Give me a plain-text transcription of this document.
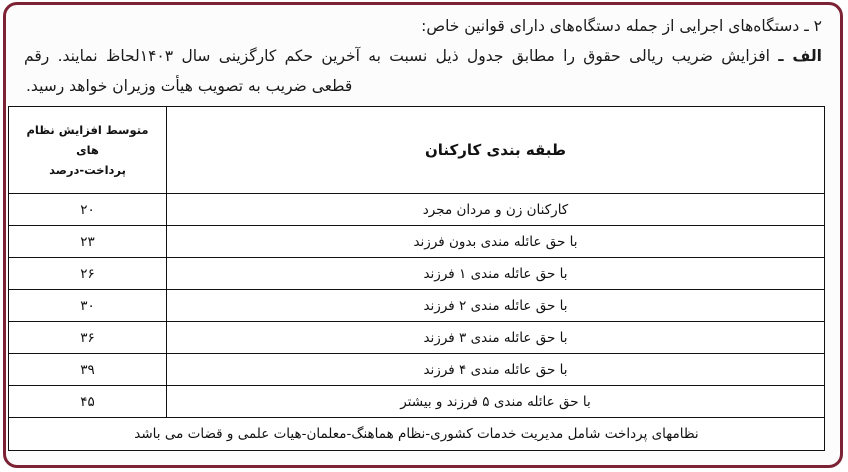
۲ ـ دستگاه‌های اجرایی از جمله دستگاه‌های دارای قوانین خاص:
الف ـ افزایش ضریب ریالی حقوق را مطابق جدول ذیل نسبت به آخرین حکم کارگزینی سال ۱۴۰۳لحاظ نمایند. رقم
قطعی ضریب به تصویب هیأت وزیران خواهد رسید.
طبقه بندی کارکنان	متوسط افزایش نظام های
پرداخت-درصد

کارکنان زن و مردان مجرد	۲۰
با حق عائله مندی بدون فرزند	۲۳
با حق عائله مندی ۱ فرزند	۲۶
با حق عائله مندی ۲ فرزند	۳۰
با حق عائله مندی ۳ فرزند	۳۶
با حق عائله مندی ۴ فرزند	۳۹
با حق عائله مندی ۵ فرزند و بیشتر	۴۵
نظامهای پرداخت شامل مدیریت خدمات کشوری-نظام هماهنگ-معلمان-هیات علمی و قضات می باشد	
